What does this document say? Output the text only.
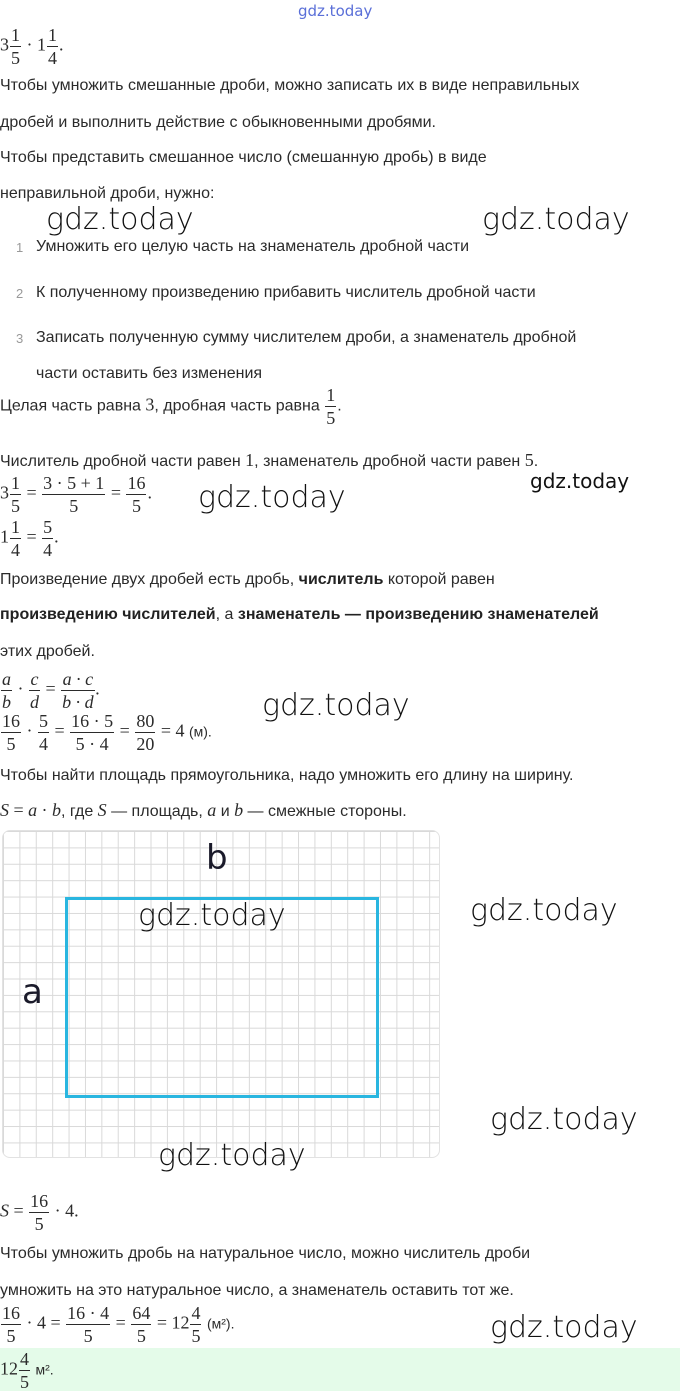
gdz.today
$3 \frac{1}{5} \cdot 1 \frac{1}{4}$ .
Чтобы умножить смешанные дроби, можно записать их в виде неправильных
дробей и выполнить действие с обыкновенными дробями.
Чтобы представить смешанное число (смешанную дробь) в виде
неправильной дроби, нужно:
gdz.today	gdz.today
1 Умножить его целую часть на знаменатель дробной части
2 К полученному произведению прибавить числитель дробной части
3 Записать полученную сумму числителем дроби, а знаменатель дробной
части оставить без изменения
Целая часть равна 3, дробная часть равна $\frac{1}{5}$ .
Числитель дробной части равен 1, знаменатель дробной части равен 5.
gdz.today
$3 \frac{1}{5} = \frac{3 \cdot 5 + 1}{5} = \frac{16}{5}$ . gdz.today
$1 \frac{1}{4} = \frac{5}{4}$ .
Произведение двух дробей есть дробь, числитель которой равен
произведению числителей, а знаменатель — произведению знаменателей
этих дробей.
$\frac{a}{b} \cdot \frac{c}{d} = \frac{a \cdot c}{b \cdot d}$ .	gdz.today
$\frac{16}{5} \cdot \frac{5}{4} = \frac{16 \cdot 5}{5 \cdot 4} = \frac{80}{20} = 4$ (м).
Чтобы найти площадь прямоугольника, надо умножить его длину на ширину.
S = a · b, где S — площадь, a и b — смежные стороны.
b
a
gdz.today	gdz.today
gdz.today
gdz.today
$S = \frac{16}{5} \cdot 4$.
Чтобы умножить дробь на натуральное число, можно числитель дроби
умножить на это натуральное число, а знаменатель оставить тот же.
$\frac{16}{5} \cdot 4 = \frac{16 \cdot 4}{5} = \frac{64}{5} = 12 \frac{4}{5} (м^2)$.	gdz.today
$12 \frac{4}{5} м^2$.
